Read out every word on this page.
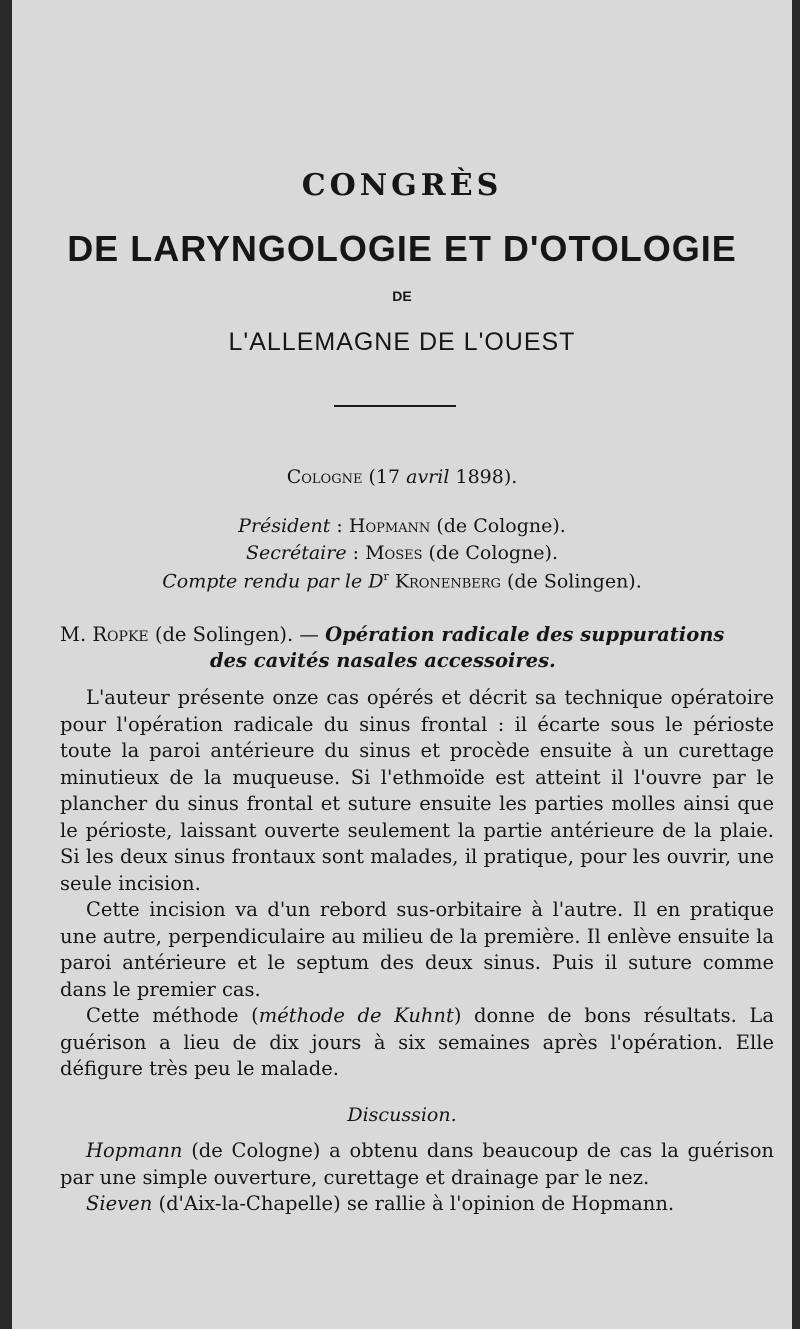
CONGRÈS
DE LARYNGOLOGIE ET D'OTOLOGIE
DE
L'ALLEMAGNE DE L'OUEST
Cologne (17 avril 1898).
Président : Hopmann (de Cologne).
Secrétaire : Moses (de Cologne).
Compte rendu par le $D^r$ Kronenberg (de Solingen).
M. Ropke (de Solingen). — Opération radicale des suppurations
des cavités nasales accessoires.

L'auteur présente onze cas opérés et décrit sa technique opératoire pour l'opération radicale du sinus frontal : il écarte sous le périoste toute la paroi antérieure du sinus et procède ensuite à un curettage minutieux de la muqueuse. Si l'ethmoïde est atteint il l'ouvre par le plancher du sinus frontal et suture ensuite les parties molles ainsi que le périoste, laissant ouverte seulement la partie antérieure de la plaie. Si les deux sinus frontaux sont malades, il pratique, pour les ouvrir, une seule incision.

Cette incision va d'un rebord sus-orbitaire à l'autre. Il en pratique une autre, perpendiculaire au milieu de la première. Il enlève ensuite la paroi antérieure et le septum des deux sinus. Puis il suture comme dans le premier cas.

Cette méthode (méthode de Kuhnt) donne de bons résultats. La guérison a lieu de dix jours à six semaines après l'opération. Elle défigure très peu le malade.

Discussion.

Hopmann (de Cologne) a obtenu dans beaucoup de cas la guérison par une simple ouverture, curettage et drainage par le nez.

Sieven (d'Aix-la-Chapelle) se rallie à l'opinion de Hopmann.
